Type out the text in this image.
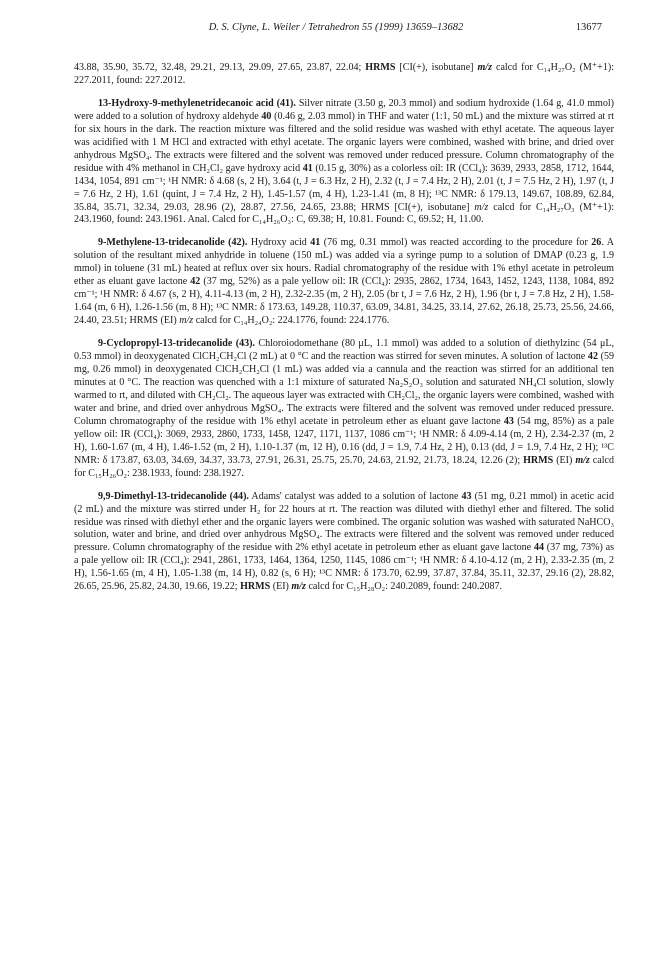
D. S. Clyne, L. Weiler / Tetrahedron 55 (1999) 13659–13682	13677

43.88, 35.90, 35.72, 32.48, 29.21, 29.13, 29.09, 27.65, 23.87, 22.04; HRMS [CI(+), isobutane] m/z calcd for C₁₄H₂₇O₂ (M⁺+1): 227.2011, found: 227.2012.

13-Hydroxy-9-methylenetridecanoic acid (41). Silver nitrate (3.50 g, 20.3 mmol) and sodium hydroxide (1.64 g, 41.0 mmol) were added to a solution of hydroxy aldehyde 40 (0.46 g, 2.03 mmol) in THF and water (1:1, 50 mL) and the mixture was stirred at rt for six hours in the dark. The reaction mixture was filtered and the solid residue was washed with ethyl acetate. The aqueous layer was acidified with 1 M HCl and extracted with ethyl acetate. The organic layers were combined, washed with brine, and dried over anhydrous MgSO₄. The extracts were filtered and the solvent was removed under reduced pressure. Column chromatography of the residue with 4% methanol in CH₂Cl₂ gave hydroxy acid 41 (0.15 g, 30%) as a colorless oil: IR (CCl₄): 3639, 2933, 2858, 1712, 1644, 1434, 1054, 891 cm⁻¹; ¹H NMR: δ 4.68 (s, 2 H), 3.64 (t, J = 6.3 Hz, 2 H), 2.32 (t, J = 7.4 Hz, 2 H), 2.01 (t, J = 7.5 Hz, 2 H), 1.97 (t, J = 7.6 Hz, 2 H), 1.61 (quint, J = 7.4 Hz, 2 H), 1.45-1.57 (m, 4 H), 1.23-1.41 (m, 8 H); ¹³C NMR: δ 179.13, 149.67, 108.89, 62.84, 35.84, 35.71, 32.34, 29.03, 28.96 (2), 28.87, 27.56, 24.65, 23.88; HRMS [CI(+), isobutane] m/z calcd for C₁₄H₂₇O₃ (M⁺+1): 243.1960, found: 243.1961. Anal. Calcd for C₁₄H₂₆O₃: C, 69.38; H, 10.81. Found: C, 69.52; H, 11.00.

9-Methylene-13-tridecanolide (42). Hydroxy acid 41 (76 mg, 0.31 mmol) was reacted according to the procedure for 26. A solution of the resultant mixed anhydride in toluene (150 mL) was added via a syringe pump to a solution of DMAP (0.23 g, 1.9 mmol) in toluene (31 mL) heated at reflux over six hours. Radial chromatography of the residue with 1% ethyl acetate in petroleum ether as eluant gave lactone 42 (37 mg, 52%) as a pale yellow oil: IR (CCl₄): 2935, 2862, 1734, 1643, 1452, 1243, 1138, 1084, 892 cm⁻¹; ¹H NMR: δ 4.67 (s, 2 H), 4.11-4.13 (m, 2 H), 2.32-2.35 (m, 2 H), 2.05 (br t, J = 7.6 Hz, 2 H), 1.96 (br t, J = 7.8 Hz, 2 H), 1.58-1.64 (m, 6 H), 1.26-1.56 (m, 8 H); ¹³C NMR: δ 173.63, 149.28, 110.37, 63.09, 34.81, 34.25, 33.14, 27.62, 26.18, 25.73, 25.56, 24.66, 24.40, 23.51; HRMS (EI) m/z calcd for C₁₄H₂₄O₂: 224.1776, found: 224.1776.

9-Cyclopropyl-13-tridecanolide (43). Chloroiodomethane (80 μL, 1.1 mmol) was added to a solution of diethylzinc (54 μL, 0.53 mmol) in deoxygenated ClCH₂CH₂Cl (2 mL) at 0 °C and the reaction was stirred for seven minutes. A solution of lactone 42 (59 mg, 0.26 mmol) in deoxygenated ClCH₂CH₂Cl (1 mL) was added via a cannula and the reaction was stirred for an additional ten minutes at 0 °C. The reaction was quenched with a 1:1 mixture of saturated Na₂S₂O₃ solution and saturated NH₄Cl solution, slowly warmed to rt, and diluted with CH₂Cl₂. The aqueous layer was extracted with CH₂Cl₂, the organic layers were combined, washed with water and brine, and dried over anhydrous MgSO₄. The extracts were filtered and the solvent was removed under reduced pressure. Column chromatography of the residue with 1% ethyl acetate in petroleum ether as eluant gave lactone 43 (54 mg, 85%) as a pale yellow oil: IR (CCl₄): 3069, 2933, 2860, 1733, 1458, 1247, 1171, 1137, 1086 cm⁻¹; ¹H NMR: δ 4.09-4.14 (m, 2 H), 2.34-2.37 (m, 2 H), 1.60-1.67 (m, 4 H), 1.46-1.52 (m, 2 H), 1.10-1.37 (m, 12 H), 0.16 (dd, J = 1.9, 7.4 Hz, 2 H), 0.13 (dd, J = 1.9, 7.4 Hz, 2 H); ¹³C NMR: δ 173.87, 63.03, 34.69, 34.37, 33.73, 27.91, 26.31, 25.75, 25.70, 24.63, 21.92, 21.73, 18.24, 12.26 (2); HRMS (EI) m/z calcd for C₁₅H₂₆O₂: 238.1933, found: 238.1927.

9,9-Dimethyl-13-tridecanolide (44). Adams' catalyst was added to a solution of lactone 43 (51 mg, 0.21 mmol) in acetic acid (2 mL) and the mixture was stirred under H₂ for 22 hours at rt. The reaction was diluted with diethyl ether and filtered. The solid residue was rinsed with diethyl ether and the organic layers were combined. The organic solution was washed with saturated NaHCO₃ solution, water and brine, and dried over anhydrous MgSO₄. The extracts were filtered and the solvent was removed under reduced pressure. Column chromatography of the residue with 2% ethyl acetate in petroleum ether as eluant gave lactone 44 (37 mg, 73%) as a pale yellow oil: IR (CCl₄): 2941, 2861, 1733, 1464, 1364, 1250, 1145, 1086 cm⁻¹; ¹H NMR: δ 4.10-4.12 (m, 2 H), 2.33-2.35 (m, 2 H), 1.56-1.65 (m, 4 H), 1.05-1.38 (m, 14 H), 0.82 (s, 6 H); ¹³C NMR: δ 173.70, 62.99, 37.87, 37.84, 35.11, 32.37, 29.16 (2), 28.82, 26.65, 25.96, 25.82, 24.30, 19.66, 19.22; HRMS (EI) m/z calcd for C₁₅H₂₈O₂: 240.2089, found: 240.2087.
